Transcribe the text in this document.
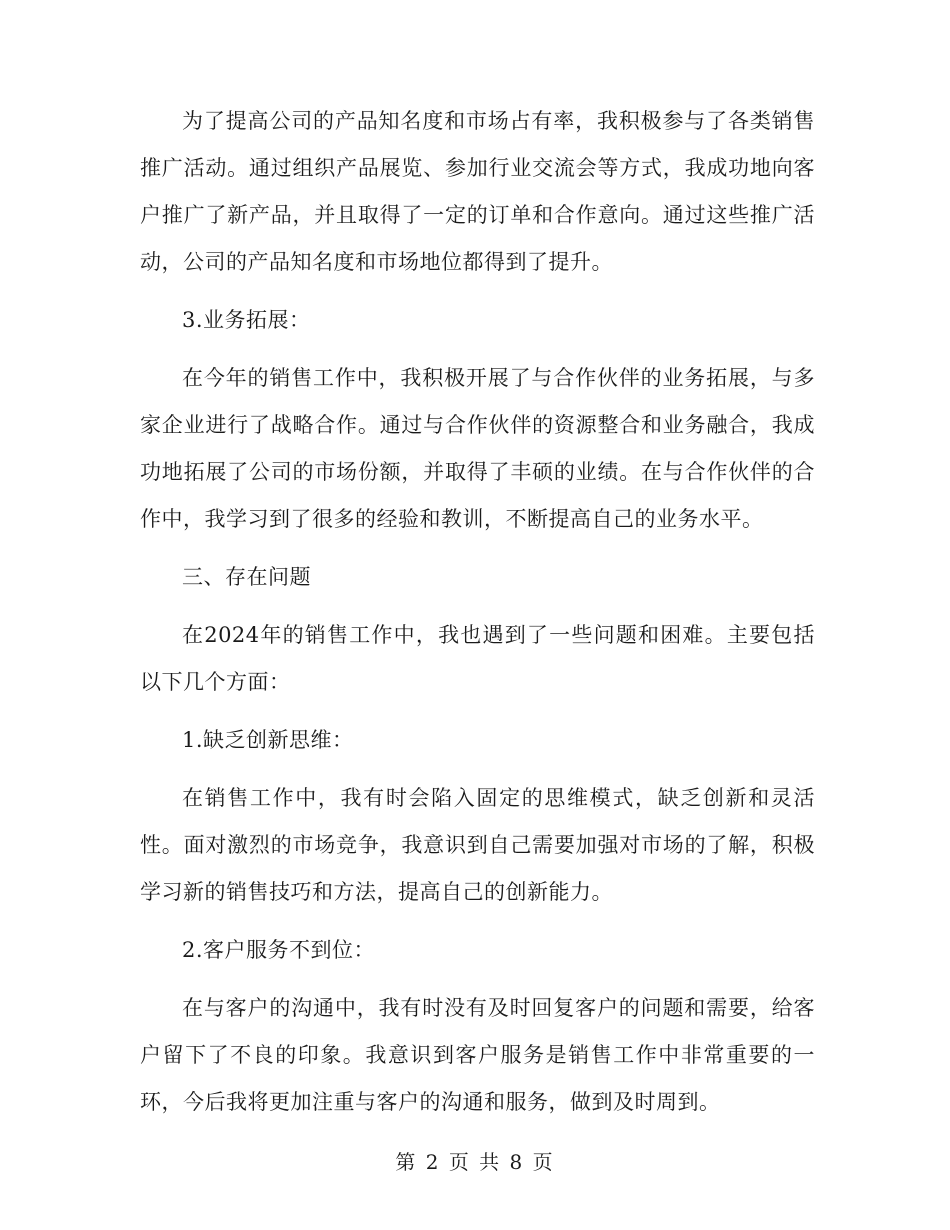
为了提高公司的产品知名度和市场占有率，我积极参与了各类销售推广活动。通过组织产品展览、参加行业交流会等方式，我成功地向客户推广了新产品，并且取得了一定的订单和合作意向。通过这些推广活动，公司的产品知名度和市场地位都得到了提升。

3.业务拓展：

在今年的销售工作中，我积极开展了与合作伙伴的业务拓展，与多家企业进行了战略合作。通过与合作伙伴的资源整合和业务融合，我成功地拓展了公司的市场份额，并取得了丰硕的业绩。在与合作伙伴的合作中，我学习到了很多的经验和教训，不断提高自己的业务水平。

三、存在问题

在2024年的销售工作中，我也遇到了一些问题和困难。主要包括以下几个方面：

1.缺乏创新思维：

在销售工作中，我有时会陷入固定的思维模式，缺乏创新和灵活性。面对激烈的市场竞争，我意识到自己需要加强对市场的了解，积极学习新的销售技巧和方法，提高自己的创新能力。

2.客户服务不到位：

在与客户的沟通中，我有时没有及时回复客户的问题和需要，给客户留下了不良的印象。我意识到客户服务是销售工作中非常重要的一环，今后我将更加注重与客户的沟通和服务，做到及时周到。

第 2 页 共 8 页
